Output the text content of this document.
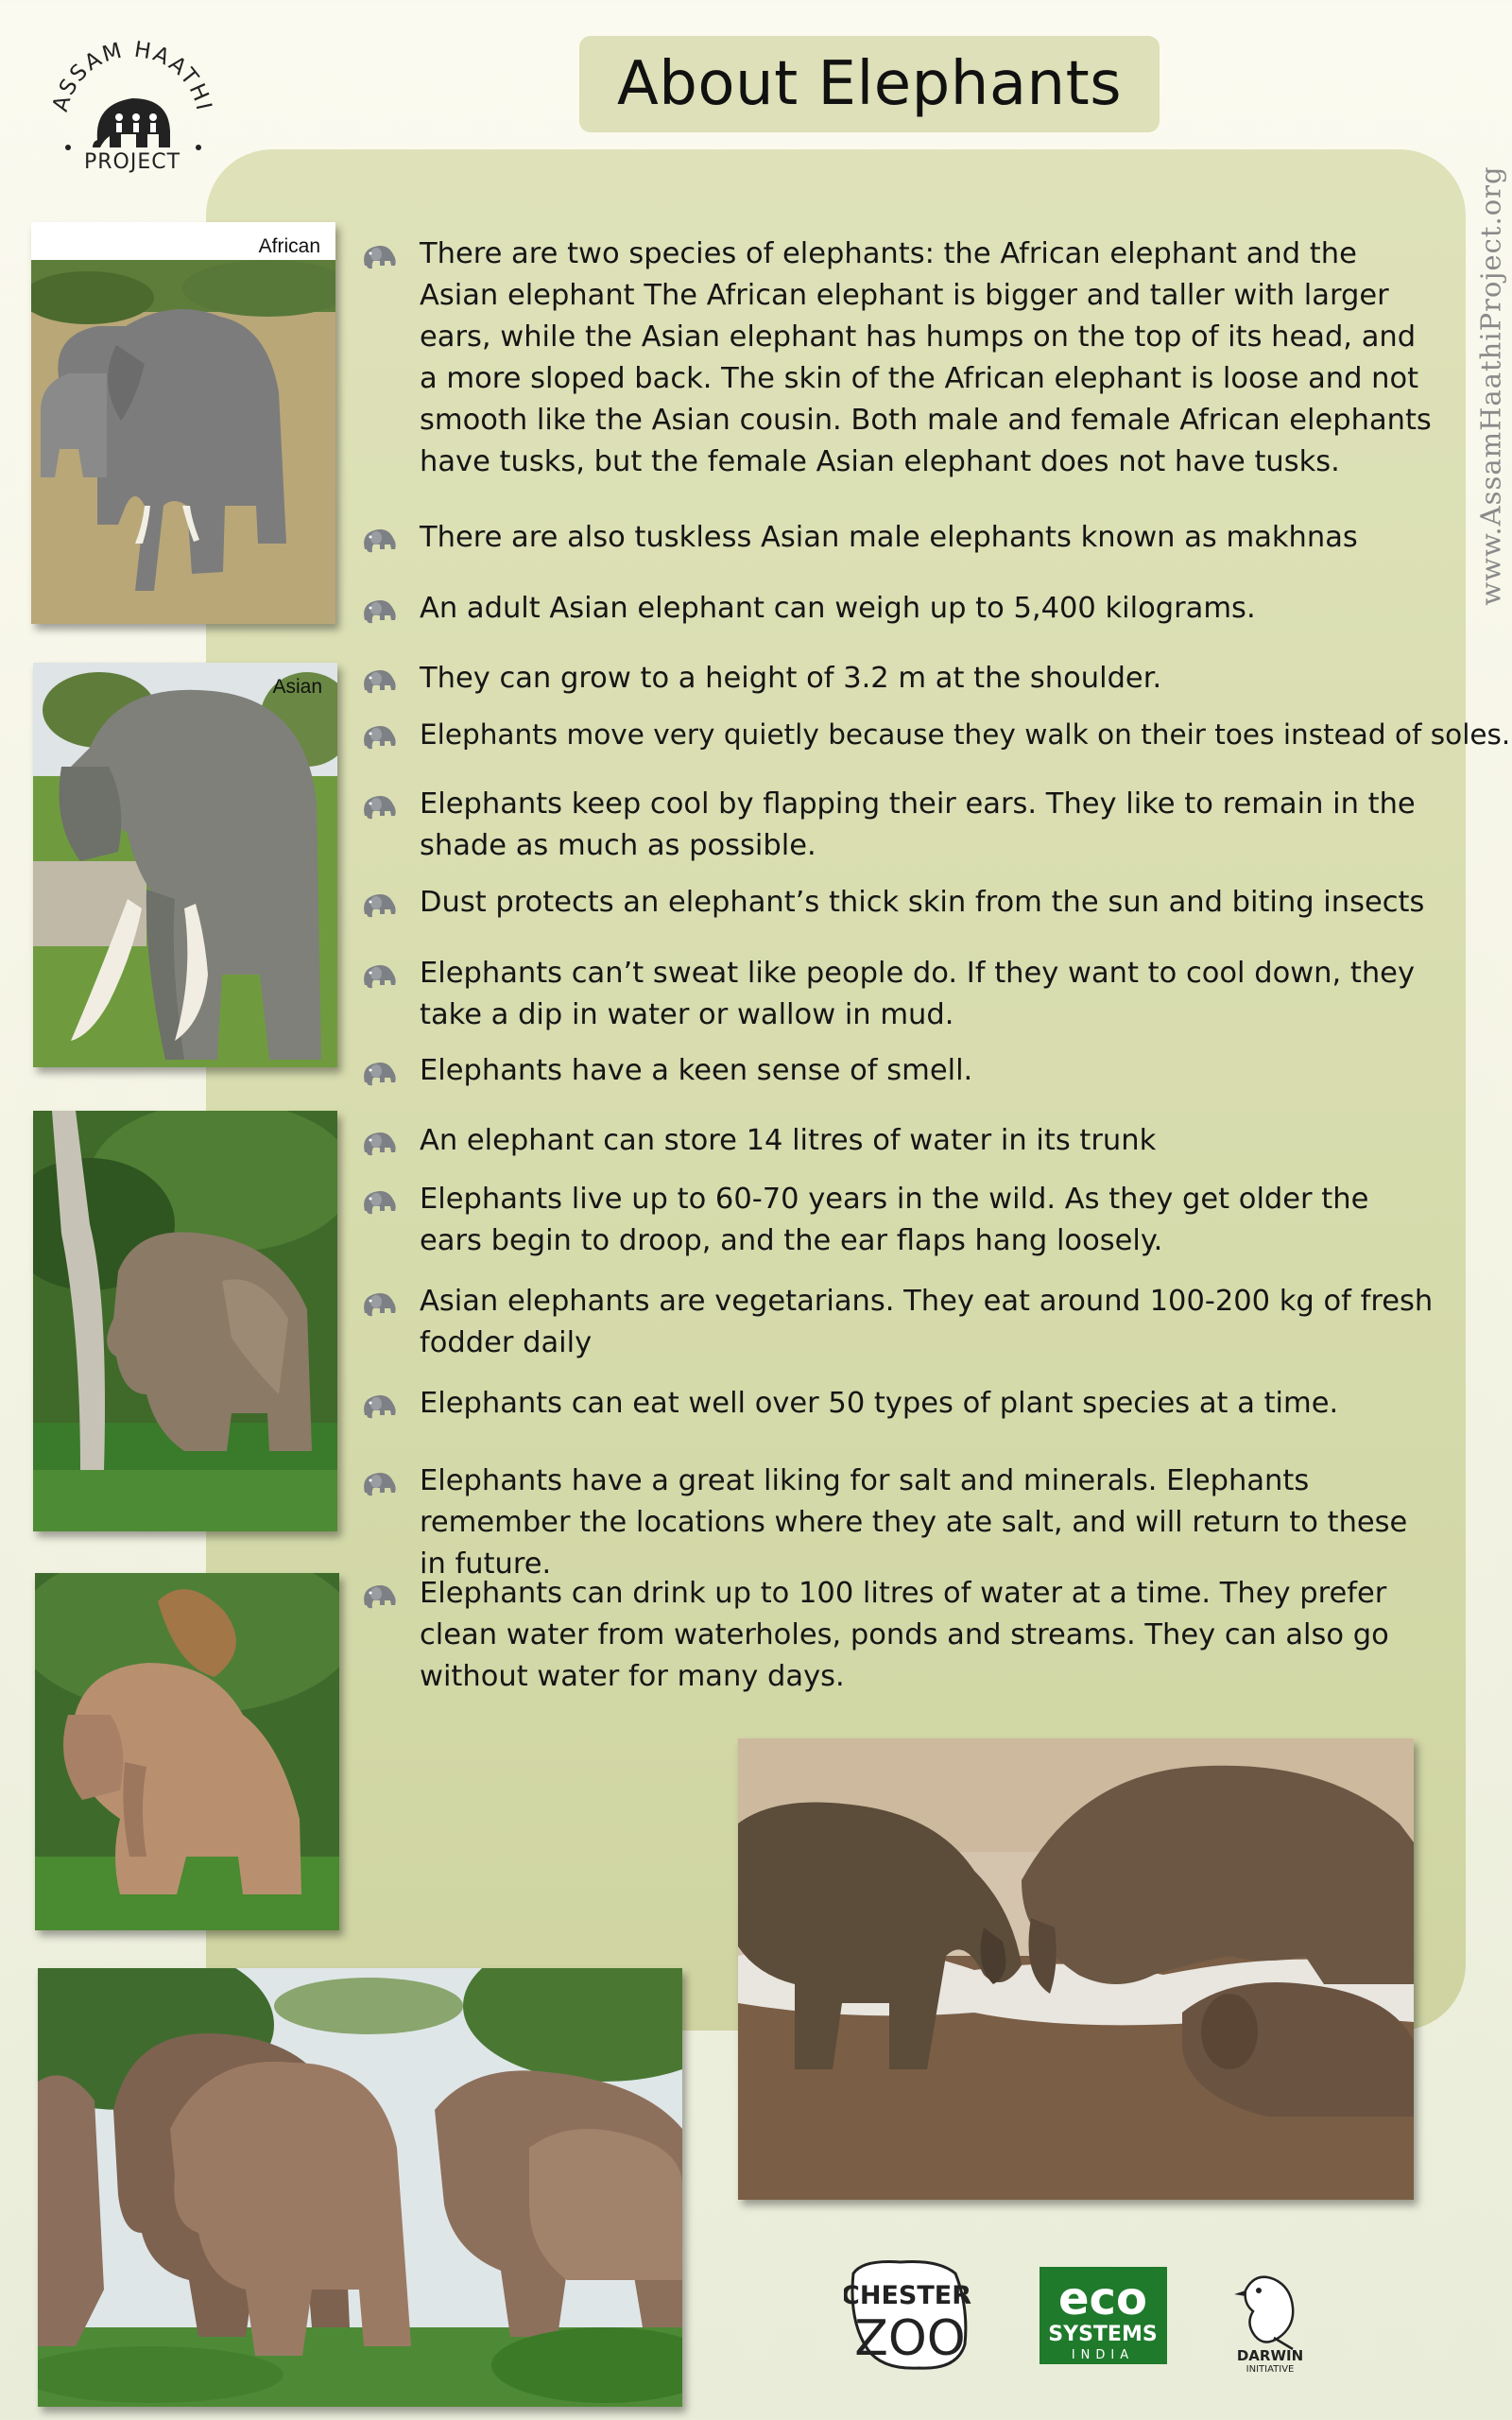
ASSAM HAATHI
PROJECT
About Elephants
www.AssamHaathiProject.org
African
Asian
There are two species of elephants: the African elephant and the Asian elephant The African elephant is bigger and taller with larger ears, while the Asian elephant has humps on the top of its head, and a more sloped back. The skin of the African elephant is loose and not smooth like the Asian cousin. Both male and female African elephants have tusks, but the female Asian elephant does not have tusks.
There are also tuskless Asian male elephants known as makhnas
An adult Asian elephant can weigh up to 5,400 kilograms.
They can grow to a height of 3.2 m at the shoulder.
Elephants move very quietly because they walk on their toes instead of soles.
Elephants keep cool by flapping their ears. They like to remain in the shade as much as possible.
Dust protects an elephant’s thick skin from the sun and biting insects
Elephants can’t sweat like people do. If they want to cool down, they take a dip in water or wallow in mud.
Elephants have a keen sense of smell.
An elephant can store 14 litres of water in its trunk
Elephants live up to 60-70 years in the wild. As they get older the ears begin to droop, and the ear flaps hang loosely.
Asian elephants are vegetarians. They eat around 100-200 kg of fresh fodder daily
Elephants can eat well over 50 types of plant species at a time.
Elephants have a great liking for salt and minerals. Elephants remember the locations where they ate salt, and will return to these in future.
Elephants can drink up to 100 litres of water at a time. They prefer clean water from waterholes, ponds and streams. They can also go without water for many days.
CHESTER
ZOO
eco
SYSTEMS
INDIA	DARWIN
INITIATIVE
